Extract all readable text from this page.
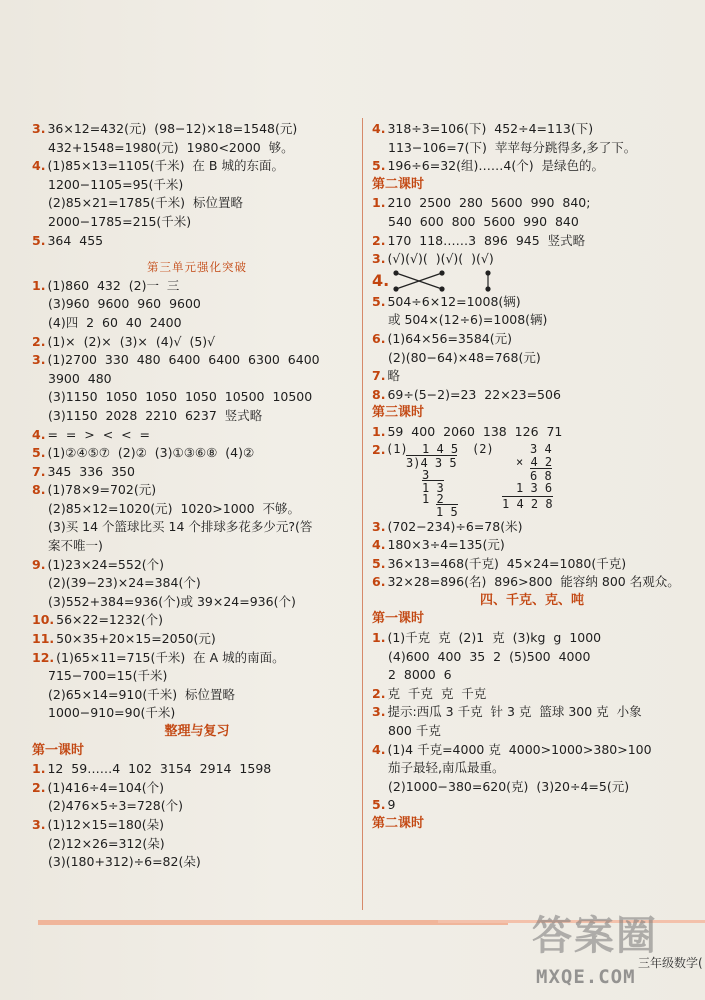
3. 36×12=432(元)  (98−12)×18=1548(元)
432+1548=1980(元)  1980<2000  够。
4. (1)85×13=1105(千米)  在 B 城的东面。
1200−1105=95(千米)
(2)85×21=1785(千米)  标位置略
2000−1785=215(千米)
5. 364  455
第三单元强化突破
1. (1)860  432  (2)一  三
(3)960  9600  960  9600
(4)四  2  60  40  2400
2. (1)×  (2)×  (3)×  (4)√  (5)√
3. (1)2700  330  480  6400  6400  6300  6400
3900  480
(3)1150  1050  1050  1050  10500  10500
(3)1150  2028  2210  6237  竖式略
4. =  =  >  <  <  =
5. (1)②④⑤⑦  (2)②  (3)①③⑥⑧  (4)②
7. 345  336  350
8. (1)78×9=702(元)
(2)85×12=1020(元)  1020>1000  不够。
(3)买 14 个篮球比买 14 个排球多花多少元?(答
案不唯一)
9. (1)23×24=552(个)
(2)(39−23)×24=384(个)
(3)552+384=936(个)或 39×24=936(个)
10. 56×22=1232(个)
11. 50×35+20×15=2050(元)
12. (1)65×11=715(千米)  在 A 城的南面。
715−700=15(千米)
(2)65×14=910(千米)  标位置略
1000−910=90(千米)
整理与复习
第一课时
1. 12  59……4  102  3154  2914  1598
2. (1)416÷4=104(个)
(2)476×5÷3=728(个)
3. (1)12×15=180(朵)
(2)12×26=312(朵)
(3)(180+312)÷6=82(朵)
4. 318÷3=106(下)  452÷4=113(下)
113−106=7(下)  苹苹每分跳得多,多了下。
5. 196÷6=32(组)……4(个)  是绿色的。
第二课时
1. 210  2500  280  5600  990  840;
540  600  800  5600  990  840
2. 170  118……3  896  945  竖式略
3. (√)(√)(  )(√)(  )(√)
4.
5. 504÷6×12=1008(辆)
或 504×(12÷6)=1008(辆)
6. (1)64×56=3584(元)
(2)(80−64)×48=768(元)
7. 略
8. 69÷(5−2)=23  22×23=506
第三课时
1. 59  400  2060  138  126  71
2. (1) 1 4 5
3)4 3 5
3
1 3
1 2
1 5
(2)	3 4
× 4 2
6 8
1 3 6
1 4 2 8
3. (702−234)÷6=78(米)
4. 180×3÷4=135(元)
5. 36×13=468(千克)  45×24=1080(千克)
6. 32×28=896(名)  896>800  能容纳 800 名观众。
四、千克、克、吨
第一课时
1. (1)千克  克  (2)1  克  (3)kg  g  1000
(4)600  400  35  2  (5)500  4000
2  8000  6
2. 克  千克  克  千克
3. 提示:西瓜 3 千克  针 3 克  篮球 300 克  小象
800 千克
4. (1)4 千克=4000 克  4000>1000>380>100
茄子最轻,南瓜最重。
(2)1000−380=620(克)  (3)20÷4=5(元)
5. 9
第二课时
答案圈
MXQE.COM
三年级数学(
